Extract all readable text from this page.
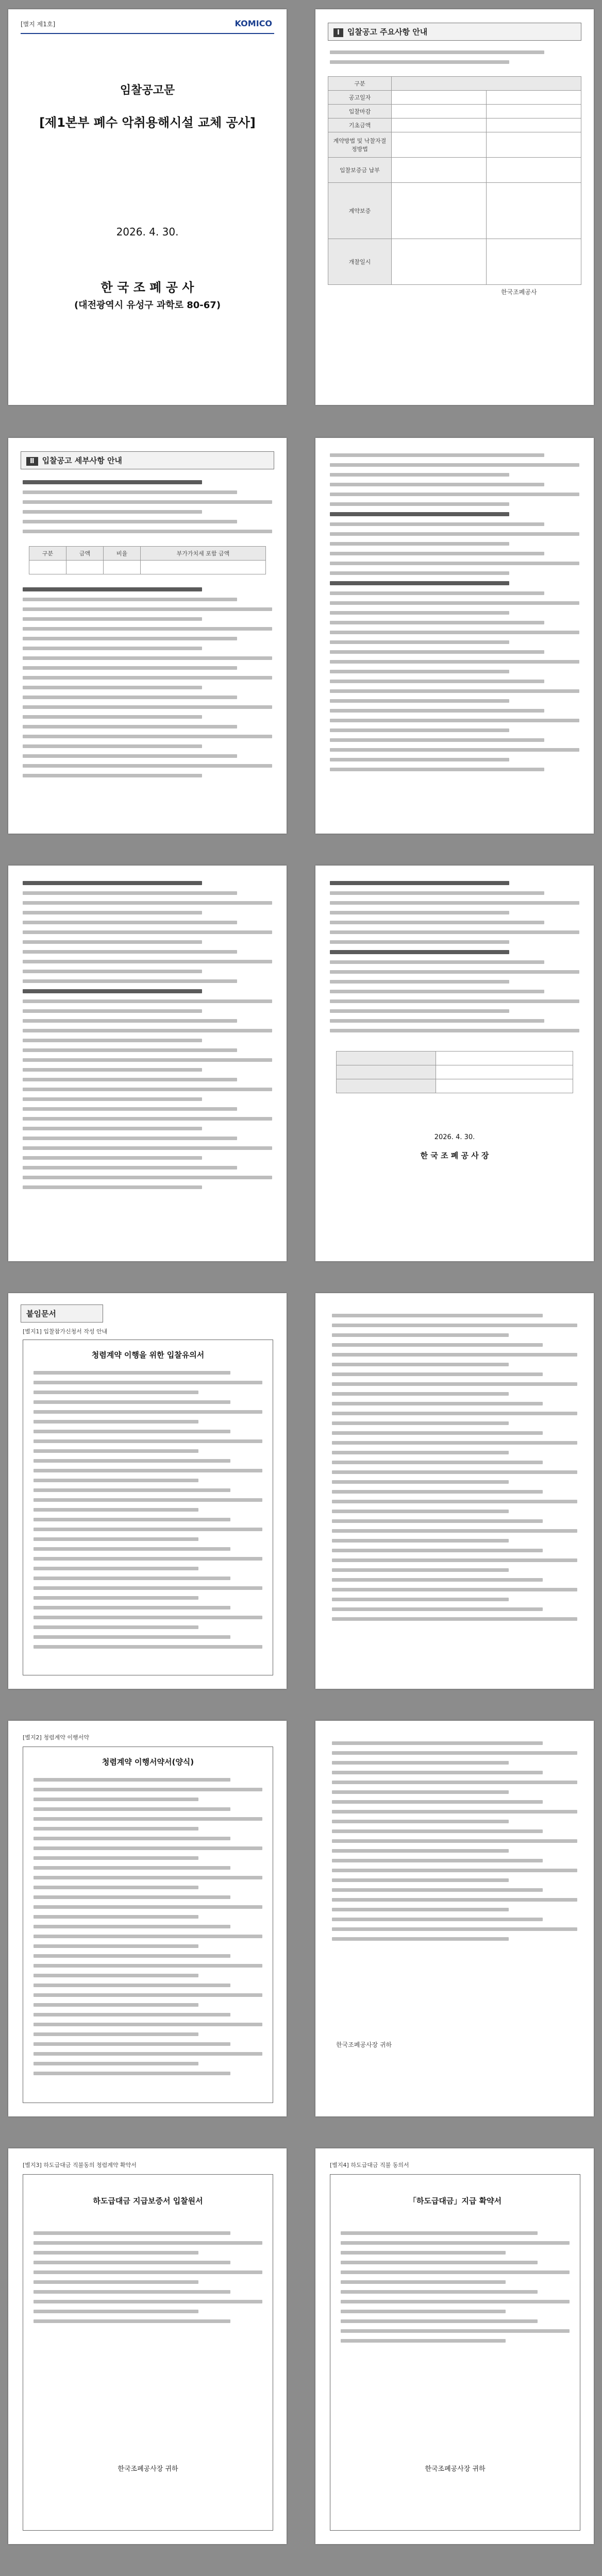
[별지 제1호]	KOMICO
임찰공고문
[제1본부 폐수 악취용해시설 교체 공사]
2026. 4. 30.
한 국 조 폐 공 사
(대전광역시 유성구 과학로 80-67)
Ⅰ 입찰공고 주요사항 안내
구분		
공고일자		
입찰마감		
기초금액		
계약방법 및 낙찰자결정방법		
입찰보증금 납부		
계약보증		
개찰일시		
한국조폐공사
Ⅱ 입찰공고 세부사항 안내
구분	금액	비율	부가가치세 포함 금액

2026. 4. 30.
한 국 조 폐 공 사 장
붙임문서
[별지1] 입찰참가신청서 작성 안내
청렴계약 이행을 위한 입찰유의서
[별지2] 청렴계약 이행서약
청렴계약 이행서약서(양식)
한국조폐공사장 귀하
[별지3] 하도급대금 직불동의 청렴계약 확약서
하도급대금 지급보증서 입찰원서
한국조폐공사장 귀하
[별지4] 하도급대금 직불 동의서
「하도급대금」지급 확약서
한국조폐공사장 귀하
